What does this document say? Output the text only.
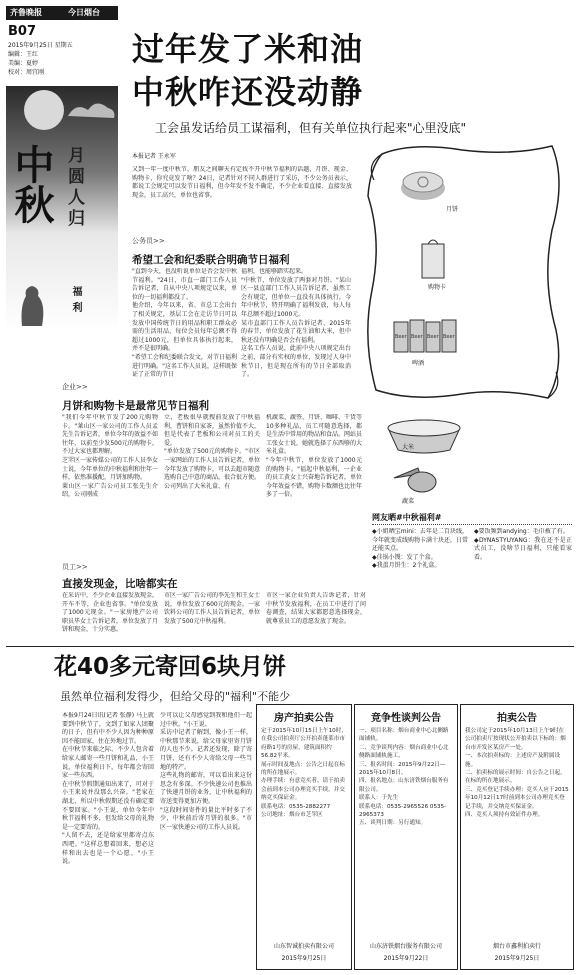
齐鲁晚报	今日烟台
B07
2015年9月25日 星期五
编辑：王红
美编：夏婷
校对：周宜刚
中秋 月圆人归
福利
过年发了米和油
中秋咋还没动静
工会虽发话给员工谋福利，但有关单位执行起来"心里没底"
本报记者 王永军
又到一年一度中秋节，朋友之间聊天有定找不开中秋节福利的话题，月饼、现金、购物卡，你究竟发了啥？24日，记者针对不同人群进行了采访，不少公务员表示，都说工会规定可以发节日福利，但今年发不发不确定，不少企业看直接、直接发放现金，员工高兴，单位也省事。
公务员>>
希望工会和纪委联合明确节日福利
"直到今天，也没听说单位是否会发中秋节福利。"24日，市直一部门工作人员告诉记者，自从中央八项规定以来，单位的一切福利都没了。
他介绍，今年以来，省、市总工会出台了相关规定，基层工会在走访节日可以发放中国传统节日的用品和职工群众必需的生活用品，每位会员每年总额不得超过1000元，但单位具体执行起来，并不是很明确。
"希望工会和纪委联合发文，对节日福利进行明确。"这名工作人员说，这样既保证了正常的节日
福利，也能够踏实起来。
"中秋节，单位发放了两套对月饼。"某山区一县直部门工作人员告诉记者，虽然工会有规定，但单位一直没有具体执行，今年中秋节，特开明确了福利发放，每人每年总额不超过1000元。
某市直部门工作人员告诉记者，2015年的春节，单位发放了花生油和大米，但中秋还没有明确是否会有福利。
这名工作人员说，此前中央八项规定出台之前，部分有实权的单位，发现过人身中秋节日，但是现在所有的节日全部取消了。
月饼
购物卡
Beer Beer Beer Beer
啤酒
企业>>
月饼和购物卡是最常见节日福利
"我们今年中秋节发了200元购物卡。"莱山区一家公司的工作人员孟先生告诉记者，单位今年的效益不如往年，以前至少发500元的购物卡，不过大家也都理解。
芝罘区一家传媒公司的工作人员李女士说，今年单位的中秋福利和往年一样，依然准援配，月饼加购物。
莱山区一家广告公司员工张先生介绍，公司刚成
立，老板很早就搜前发放了中秋福利，曹饼和自家茶，虽然价值不大，但是代表了老板和公司对员工的关爱。
"单位发放了500元的购物卡。"市区一家网站的工作人员告诉记者，单位今年发放了购物卡，可以去超市随意选购自己中意的商品，很合很方便。
公司列出了大米礼盒、有
机蔬菜、蔬签、月饼、咖啡、干货等10多种礼品，员工可随意选择，都是生活中常用的物品和食品。网站员工张女士说，她就选择了东西够的大米礼盒。
"今年中秋节，单位发放了1000元的购物卡。"福起中秋福利，一企业的员工黄女士兴奋地告诉记者，单位今年效益不错，购物卡数额也比往年多了一倍。
大米
蔬菜
网友晒#中秋福利#
◆小姐晒宝mini：去年是二百块线，今年就变成线购物卡满十块还，日常还能买点。
◆佳锅小馒：发了个盒。
◆我蛋月饼生：2个礼盒。
◆要饭频到andying：毛巾被了有。
◆DYNASTYUYANG：我在还不是正式员工，没啥节日福利，只能看家看。
员工>>
直接发现金，比啥都实在
在采访中，不少企业直接发放现金，开车不等，企业也省事。"单位发放了1000元现金。"一家房地产公司职员毕女士告诉记者，单位发放了月饼和现金，十分实惠。
市区一家广告公司的李先生和王女士说，单位发放了600元的现金。一家饮料公司的工作人员告诉记者，单位发放了500元中秋福利。
市区一家企业负责人告诉记者，针对中秋节发放福利，在员工中进行了问卷调查，结果大家都愿意选择现金，就尊重员工的意愿发放了现金。
花40多元寄回6块月饼
虽然单位福利发得少，但给父母的"福利"不能少
本报9月24日讯(记者 张静) 马上就要到中秋节了，文到了如家人团聚的日子，但有中不少人因为种种原因不能回家，住在外地过节。
在中秋节来临之际，不少人包含着给家人邮寄一些月饼和礼品，小王说，单位福利日下，每年都会寄回家一些东西。
在中秋节假期通知出来了，可对于小王来说并没那么兴奋。"老家在湖北，所以中秋假期还没有确定要不要回家。"小王说，单位今年中秋节福利不多，但发给父母的礼物是一定要寄的。
"人留不去，还是给家里都寄点东西吧。"这样总想着回来，想必这样和出去也是一个心愿。"小王说。
少可以让父母感觉到我和他们一起过中秋。"小王说。
采访中记者了解到，像小王一样，中秋那节来说，给父母家里寄月饼的人也不少。记者还发现，除了寄月饼，还有不少人寄给父母一些当地的特产。
这些礼物的邮寄，可以看出来这份思念有多深。不少快递公司也推出了快递月饼的业务，让中秋福利的寄送变得更加方便。
"这段时间寄件的量比平时多了不少，中秋前后寄月饼的很多。"市区一家快递公司的工作人员说。
房产拍卖公告
定于2015年10月15日上午10时，在我公司拍卖厅公开拍卖蓬莱市市府路1号的房屋，建筑面积约56.82平米。
展示时间及地点：公告之日起在标的所在地展示。
办理手续：有意竞买者，请于拍卖会前到本公司办理竞买手续，并交纳竞买保证金。
联系电话：0535-2882277
公司地址：烟台市芝罘区
山东智诚拍卖有限公司
2015年9月25日
竞争性谈判公告
一、项目名称：烟台商业中心北侧路面铺轨。
二、竞争谈判内容：烟台商业中心北侧路面铺轨施工。
三、报名时间：2015年9月22日—2015年10月8日。
四、报名地点：山东济铁烟台服务有限公司。
联系人：于先生
联系电话：0535-2965526 0535-2965373
五、谈判日期：另行通知。
山东济铁烟台服务有限公司
2015年9月22日
拍卖公告
我公司定于2015年10月13日上午9时在公司拍卖厅按现状公开拍卖以下标的：烟台市开发区某房产一处。
一、本次拍卖标的：上述房产及附属设施。
二、拍卖标的展示时间：自公告之日起，在标的所在地展示。
三、竞买登记手续办理：竞买人应于2015年10月12日17时前到本公司办理竞买登记手续，并交纳竞买保证金。
四、竞买人须持有效证件办理。
烟台市鑫利拍卖行
2015年9月25日
